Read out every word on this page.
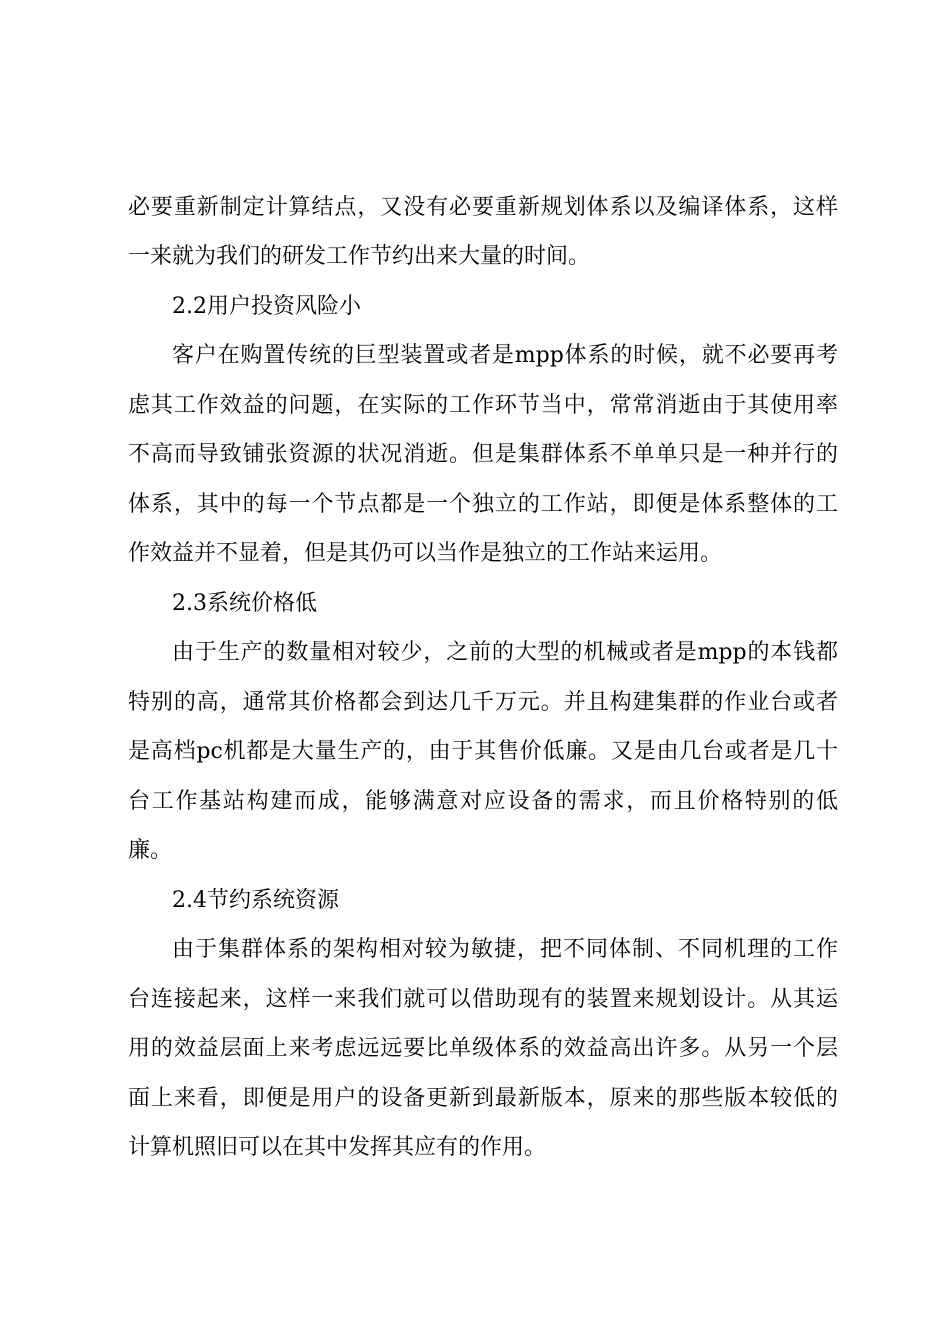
必要重新制定计算结点，又没有必要重新规划体系以及编译体系，这样
一来就为我们的研发工作节约出来大量的时间。
2.2用户投资风险小
客户在购置传统的巨型装置或者是mpp体系的时候，就不必要再考
虑其工作效益的问题，在实际的工作环节当中，常常消逝由于其使用率
不高而导致铺张资源的状况消逝。但是集群体系不单单只是一种并行的
体系，其中的每一个节点都是一个独立的工作站，即便是体系整体的工
作效益并不显着，但是其仍可以当作是独立的工作站来运用。
2.3系统价格低
由于生产的数量相对较少，之前的大型的机械或者是mpp的本钱都
特别的高，通常其价格都会到达几千万元。并且构建集群的作业台或者
是高档pc机都是大量生产的，由于其售价低廉。又是由几台或者是几十
台工作基站构建而成，能够满意对应设备的需求，而且价格特别的低
廉。
2.4节约系统资源
由于集群体系的架构相对较为敏捷，把不同体制、不同机理的工作
台连接起来，这样一来我们就可以借助现有的装置来规划设计。从其运
用的效益层面上来考虑远远要比单级体系的效益高出许多。从另一个层
面上来看，即便是用户的设备更新到最新版本，原来的那些版本较低的
计算机照旧可以在其中发挥其应有的作用。
